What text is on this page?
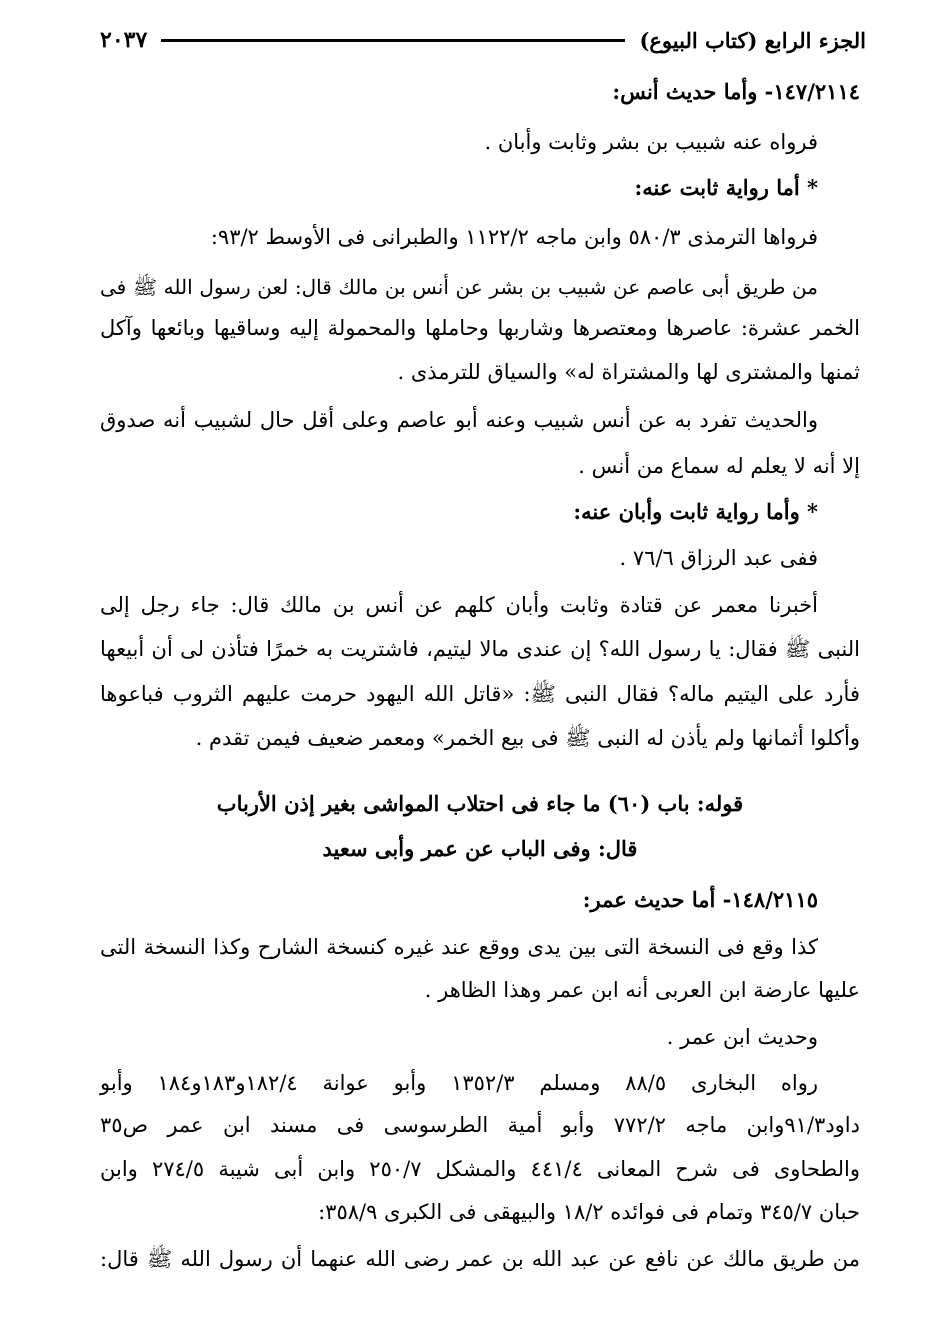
الجزء الرابع (كتاب البيوع)
٢٠٣٧
١٤٧/٢١١٤- وأما حديث أنس:
فرواه عنه شبيب بن بشر وثابت وأبان .
* أما رواية ثابت عنه:
فرواها الترمذى ٥٨٠/٣ وابن ماجه ١١٢٢/٢ والطبرانى فى الأوسط ٩٣/٢:
من طريق أبى عاصم عن شبيب بن بشر عن أنس بن مالك قال: لعن رسول الله ﷺ فى
الخمر عشرة: عاصرها ومعتصرها وشاربها وحاملها والمحمولة إليه وساقيها وبائعها وآكل
ثمنها والمشترى لها والمشتراة له» والسياق للترمذى .
والحديث تفرد به عن أنس شبيب وعنه أبو عاصم وعلى أقل حال لشبيب أنه صدوق
إلا أنه لا يعلم له سماع من أنس .
* وأما رواية ثابت وأبان عنه:
ففى عبد الرزاق ٧٦/٦ .
أخبرنا معمر عن قتادة وثابت وأبان كلهم عن أنس بن مالك قال: جاء رجل إلى
النبى ﷺ فقال: يا رسول الله؟ إن عندى مالا ليتيم، فاشتريت به خمرًا فتأذن لى أن أبيعها
فأرد على اليتيم ماله؟ فقال النبى ﷺ: «قاتل الله اليهود حرمت عليهم الثروب فباعوها
وأكلوا أثمانها ولم يأذن له النبى ﷺ فى بيع الخمر» ومعمر ضعيف فيمن تقدم .
قوله: باب (٦٠) ما جاء فى احتلاب المواشى بغير إذن الأرباب
قال: وفى الباب عن عمر وأبى سعيد
١٤٨/٢١١٥- أما حديث عمر:
كذا وقع فى النسخة التى بين يدى ووقع عند غيره كنسخة الشارح وكذا النسخة التى
عليها عارضة ابن العربى أنه ابن عمر وهذا الظاهر .
وحديث ابن عمر .
رواه البخارى ٨٨/٥ ومسلم ١٣٥٢/٣ وأبو عوانة ١٨٢/٤و١٨٣و١٨٤ وأبو
داود٩١/٣وابن ماجه ٧٧٢/٢ وأبو أمية الطرسوسى فى مسند ابن عمر ص٣٥
والطحاوى فى شرح المعانى ٤٤١/٤ والمشكل ٢٥٠/٧ وابن أبى شيبة ٢٧٤/٥ وابن
حبان ٣٤٥/٧ وتمام فى فوائده ١٨/٢ والبيهقى فى الكبرى ٣٥٨/٩:
من طريق مالك عن نافع عن عبد الله بن عمر رضى الله عنهما أن رسول الله ﷺ قال:
